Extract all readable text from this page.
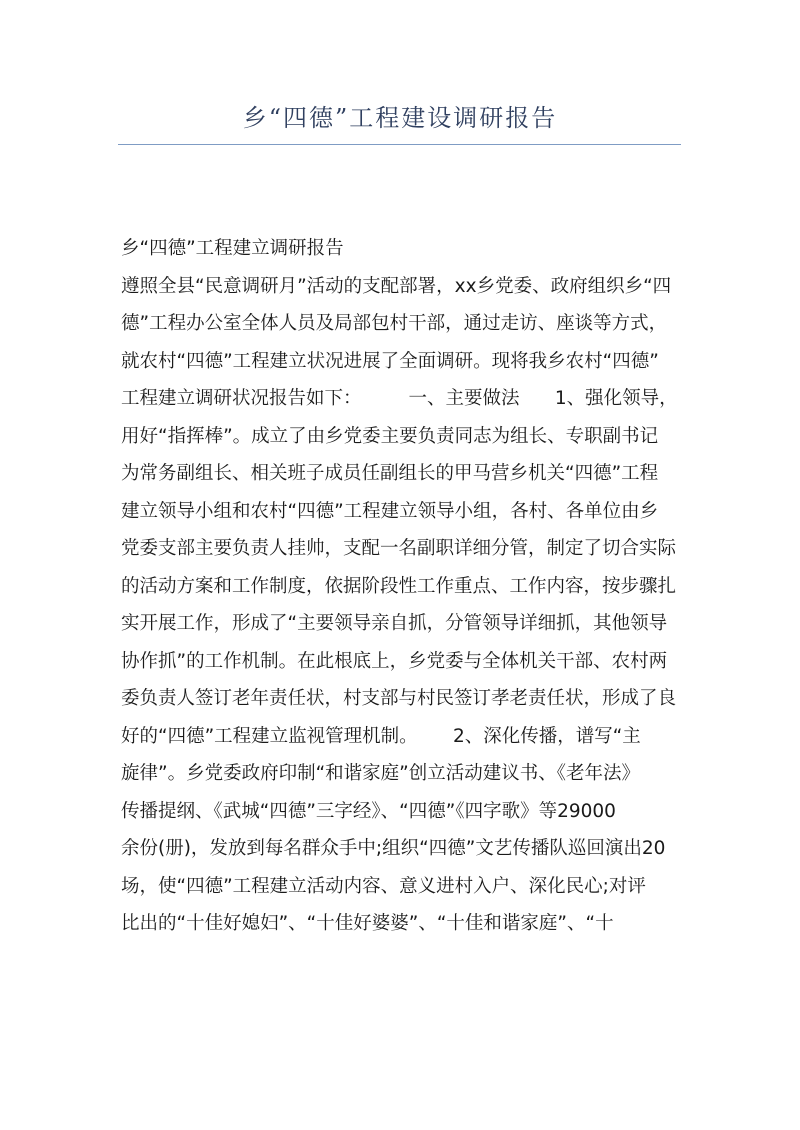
乡“四德”工程建设调研报告
乡“四德”工程建立调研报告
遵照全县“民意调研月”活动的支配部署，xx乡党委、政府组织乡“四
德”工程办公室全体人员及局部包村干部，通过走访、座谈等方式，
就农村“四德”工程建立状况进展了全面调研。现将我乡农村“四德”
工程建立调研状况报告如下：        一、主要做法      1、强化领导，
用好“指挥棒”。成立了由乡党委主要负责同志为组长、专职副书记
为常务副组长、相关班子成员任副组长的甲马营乡机关“四德”工程
建立领导小组和农村“四德”工程建立领导小组，各村、各单位由乡
党委支部主要负责人挂帅，支配一名副职详细分管，制定了切合实际
的活动方案和工作制度，依据阶段性工作重点、工作内容，按步骤扎
实开展工作，形成了“主要领导亲自抓，分管领导详细抓，其他领导
协作抓”的工作机制。在此根底上，乡党委与全体机关干部、农村两
委负责人签订老年责任状，村支部与村民签订孝老责任状，形成了良
好的“四德”工程建立监视管理机制。      2、深化传播，谱写“主
旋律”。乡党委政府印制“和谐家庭”创立活动建议书、《老年法》
传播提纲、《武城“四德”三字经》、“四德”《四字歌》等29000
余份(册)，发放到每名群众手中;组织“四德”文艺传播队巡回演出20
场，使“四德”工程建立活动内容、意义进村入户、深化民心;对评
比出的“十佳好媳妇”、“十佳好婆婆”、“十佳和谐家庭”、“十
